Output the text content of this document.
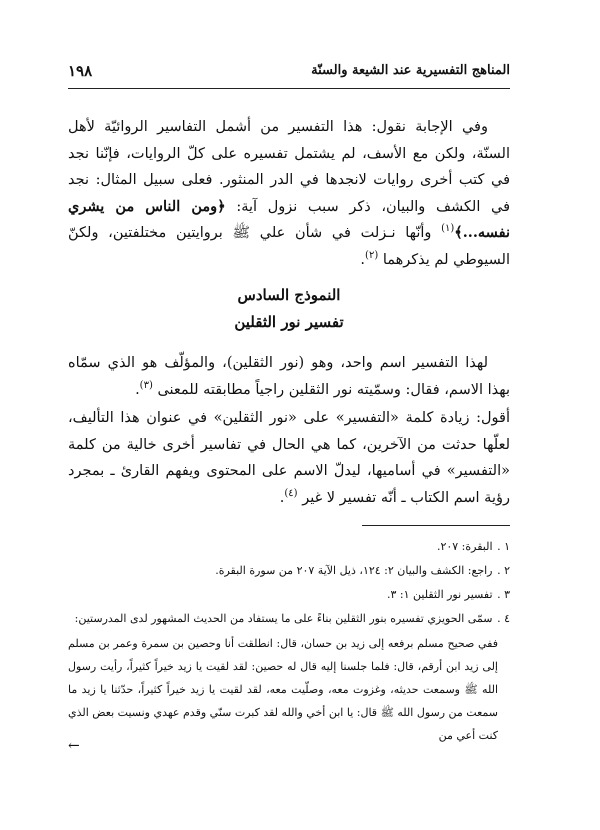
١٩٨	المناهج التفسيرية عند الشيعة والسنّة

وفي الإجابة نقول: هذا التفسير من أشمل التفاسير الروائيّة لأهل السنّة، ولكن مع الأسف، لم يشتمل تفسيره على كلّ الروايات، فإنّنا نجد في كتب أخرى روايات لانجدها في الدر المنثور. فعلى سبيل المثال: نجد في الكشف والبيان، ذكر سبب نزول آية: ﴿ومن الناس من يشري نفسه...﴾$^{(١)}$ وأنّها نـزلت في شأن علي ﷺ بروايتين مختلفتين، ولكنّ السيوطي لم يذكرهما $^{(٢)}$.

النموذج السادس
تفسير نور الثقلين

لهذا التفسير اسم واحد، وهو (نور الثقلين)، والمؤلّف هو الذي سمّاه بهذا الاسم، فقال: وسمّيته نور الثقلين راجياً مطابقته للمعنى $^{(٣)}$.

أقول: زيادة كلمة «التفسير» على «نور الثقلين» في عنوان هذا التأليف، لعلّها حدثت من الآخرين، كما هي الحال في تفاسير أخرى خالية من كلمة «التفسير» في أساميها، ليدلّ الاسم على المحتوى ويفهم القارئ ـ بمجرد رؤية اسم الكتاب ـ أنّه تفسير لا غير $^{(٤)}$.

١ . البقرة: ٢٠٧.

٢ . راجع: الكشف والبيان ٢: ١٢٤، ذيل الآية ٢٠٧ من سورة البقرة.

٣ . تفسير نور الثقلين ١: ٣.

٤ . سمّى الحويزي تفسيره بنور الثقلين بناءً على ما يستفاد من الحديث المشهور لدى المدرستين:

ففي صحيح مسلم برفعه إلى زيد بن حسان، قال: انطلقت أنا وحصين بن سمرة وعمر بن مسلم إلى زيد ابن أرقم، قال: فلما جلسنا إليه قال له حصين: لقد لقيت يا زيد خيراً كثيراً، رأيت رسول الله ﷺ وسمعت حديثه، وغزوت معه، وصلّيت معه، لقد لقيت يا زيد خيراً كثيراً، حدّثنا يا زيد ما سمعت من رسول الله ﷺ قال: يا ابن أخي والله لقد كبرت سنّي وقدم عهدي ونسيت بعض الذي كنت أعي من

←
